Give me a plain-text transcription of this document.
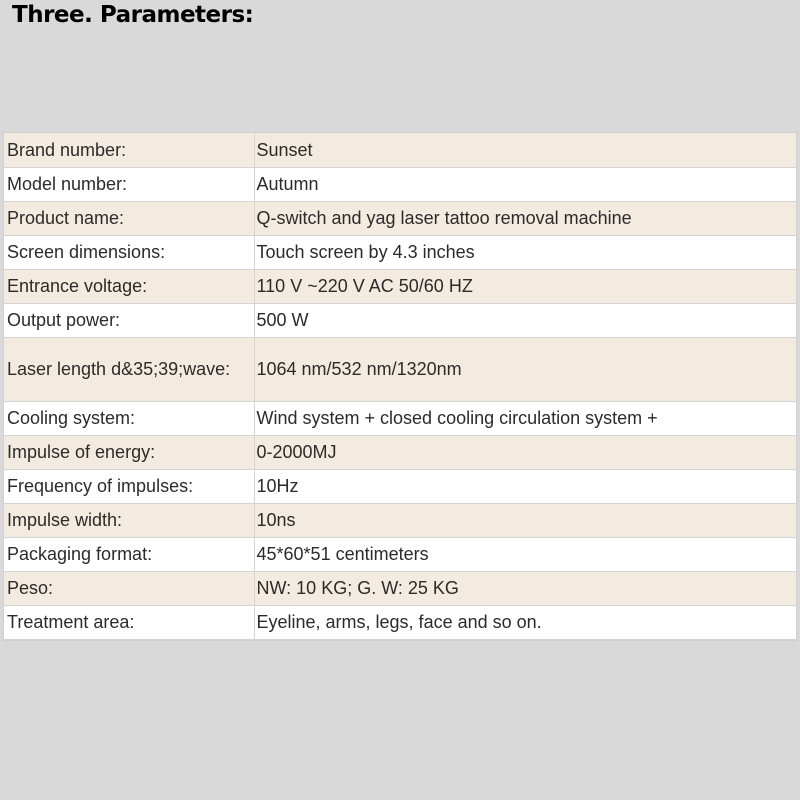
Three. Parameters:
Brand number:	Sunset
Model number:	Autumn
Product name:	Q-switch and yag laser tattoo removal machine
Screen dimensions:	Touch screen by 4.3 inches
Entrance voltage:	110 V ~220 V AC 50/60 HZ
Output power:	500 W
Laser length d&35;39;wave:	1064 nm/532 nm/1320nm
Cooling system:	Wind system + closed cooling circulation system +
Impulse of energy:	0-2000MJ
Frequency of impulses:	10Hz
Impulse width:	10ns
Packaging format:	45*60*51 centimeters
Peso:	NW: 10 KG; G. W: 25 KG
Treatment area:	Eyeline, arms, legs, face and so on.
